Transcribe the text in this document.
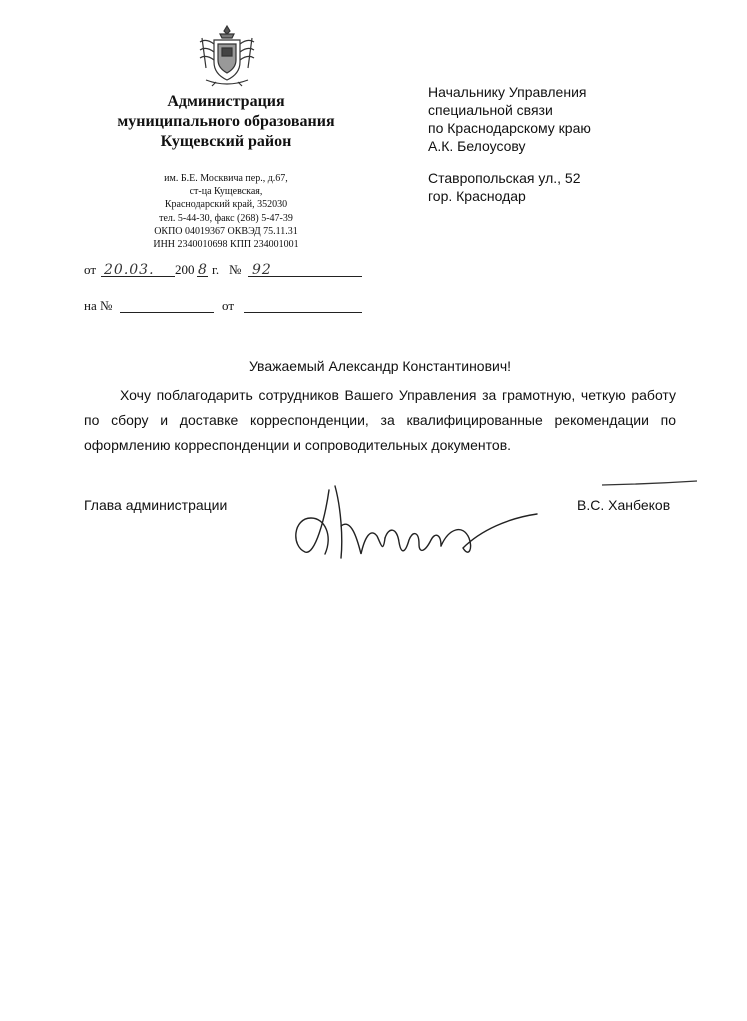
Администрация
муниципального образования
Кущевский район
им. Б.Е. Москвича пер., д.67,
ст-ца Кущевская,
Краснодарский край, 352030
тел. 5-44-30, факс (268) 5-47-39
ОКПО 04019367 ОКВЭД 75.11.31
ИНН 2340010698 КПП 234001001
от 20.03. 200 8 г. № 92
на №	от
Начальнику Управления
специальной связи
по Краснодарскому краю
А.К. Белоусову
Ставропольская ул., 52
гор. Краснодар
Уважаемый Александр Константинович!
Хочу поблагодарить сотрудников Вашего Управления за грамотную, четкую работу по сбору и доставке корреспонденции, за квалифицированные рекомендации по оформлению корреспонденции и сопроводительных документов.
Глава администрации	В.С. Ханбеков
